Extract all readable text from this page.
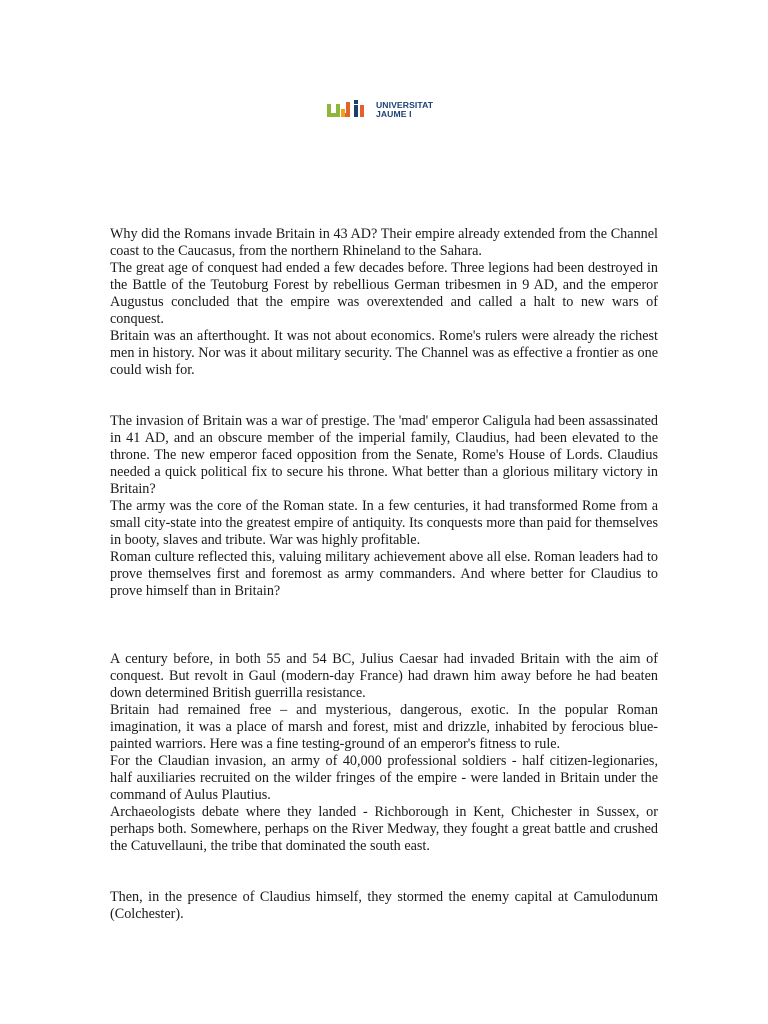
UNIVERSITAT
JAUME I

Why did the Romans invade Britain in 43 AD? Their empire already extended from the Channel coast to the Caucasus, from the northern Rhineland to the Sahara.

The great age of conquest had ended a few decades before. Three legions had been destroyed in the Battle of the Teutoburg Forest by rebellious German tribesmen in 9 AD, and the emperor Augustus concluded that the empire was overextended and called a halt to new wars of conquest.

Britain was an afterthought. It was not about economics. Rome's rulers were already the richest men in history. Nor was it about military security. The Channel was as effective a frontier as one could wish for.

The invasion of Britain was a war of prestige. The 'mad' emperor Caligula had been assassinated in 41 AD, and an obscure member of the imperial family, Claudius, had been elevated to the throne. The new emperor faced opposition from the Senate, Rome's House of Lords. Claudius needed a quick political fix to secure his throne. What better than a glorious military victory in Britain?

The army was the core of the Roman state. In a few centuries, it had transformed Rome from a small city-state into the greatest empire of antiquity. Its conquests more than paid for themselves in booty, slaves and tribute. War was highly profitable.

Roman culture reflected this, valuing military achievement above all else. Roman leaders had to prove themselves first and foremost as army commanders. And where better for Claudius to prove himself than in Britain?

A century before, in both 55 and 54 BC, Julius Caesar had invaded Britain with the aim of conquest. But revolt in Gaul (modern-day France) had drawn him away before he had beaten down determined British guerrilla resistance.

Britain had remained free – and mysterious, dangerous, exotic. In the popular Roman imagination, it was a place of marsh and forest, mist and drizzle, inhabited by ferocious blue-painted warriors. Here was a fine testing-ground of an emperor's fitness to rule.

For the Claudian invasion, an army of 40,000 professional soldiers - half citizen-legionaries, half auxiliaries recruited on the wilder fringes of the empire - were landed in Britain under the command of Aulus Plautius.

Archaeologists debate where they landed - Richborough in Kent, Chichester in Sussex, or perhaps both. Somewhere, perhaps on the River Medway, they fought a great battle and crushed the Catuvellauni, the tribe that dominated the south east.

Then, in the presence of Claudius himself, they stormed the enemy capital at Camulodunum (Colchester).
